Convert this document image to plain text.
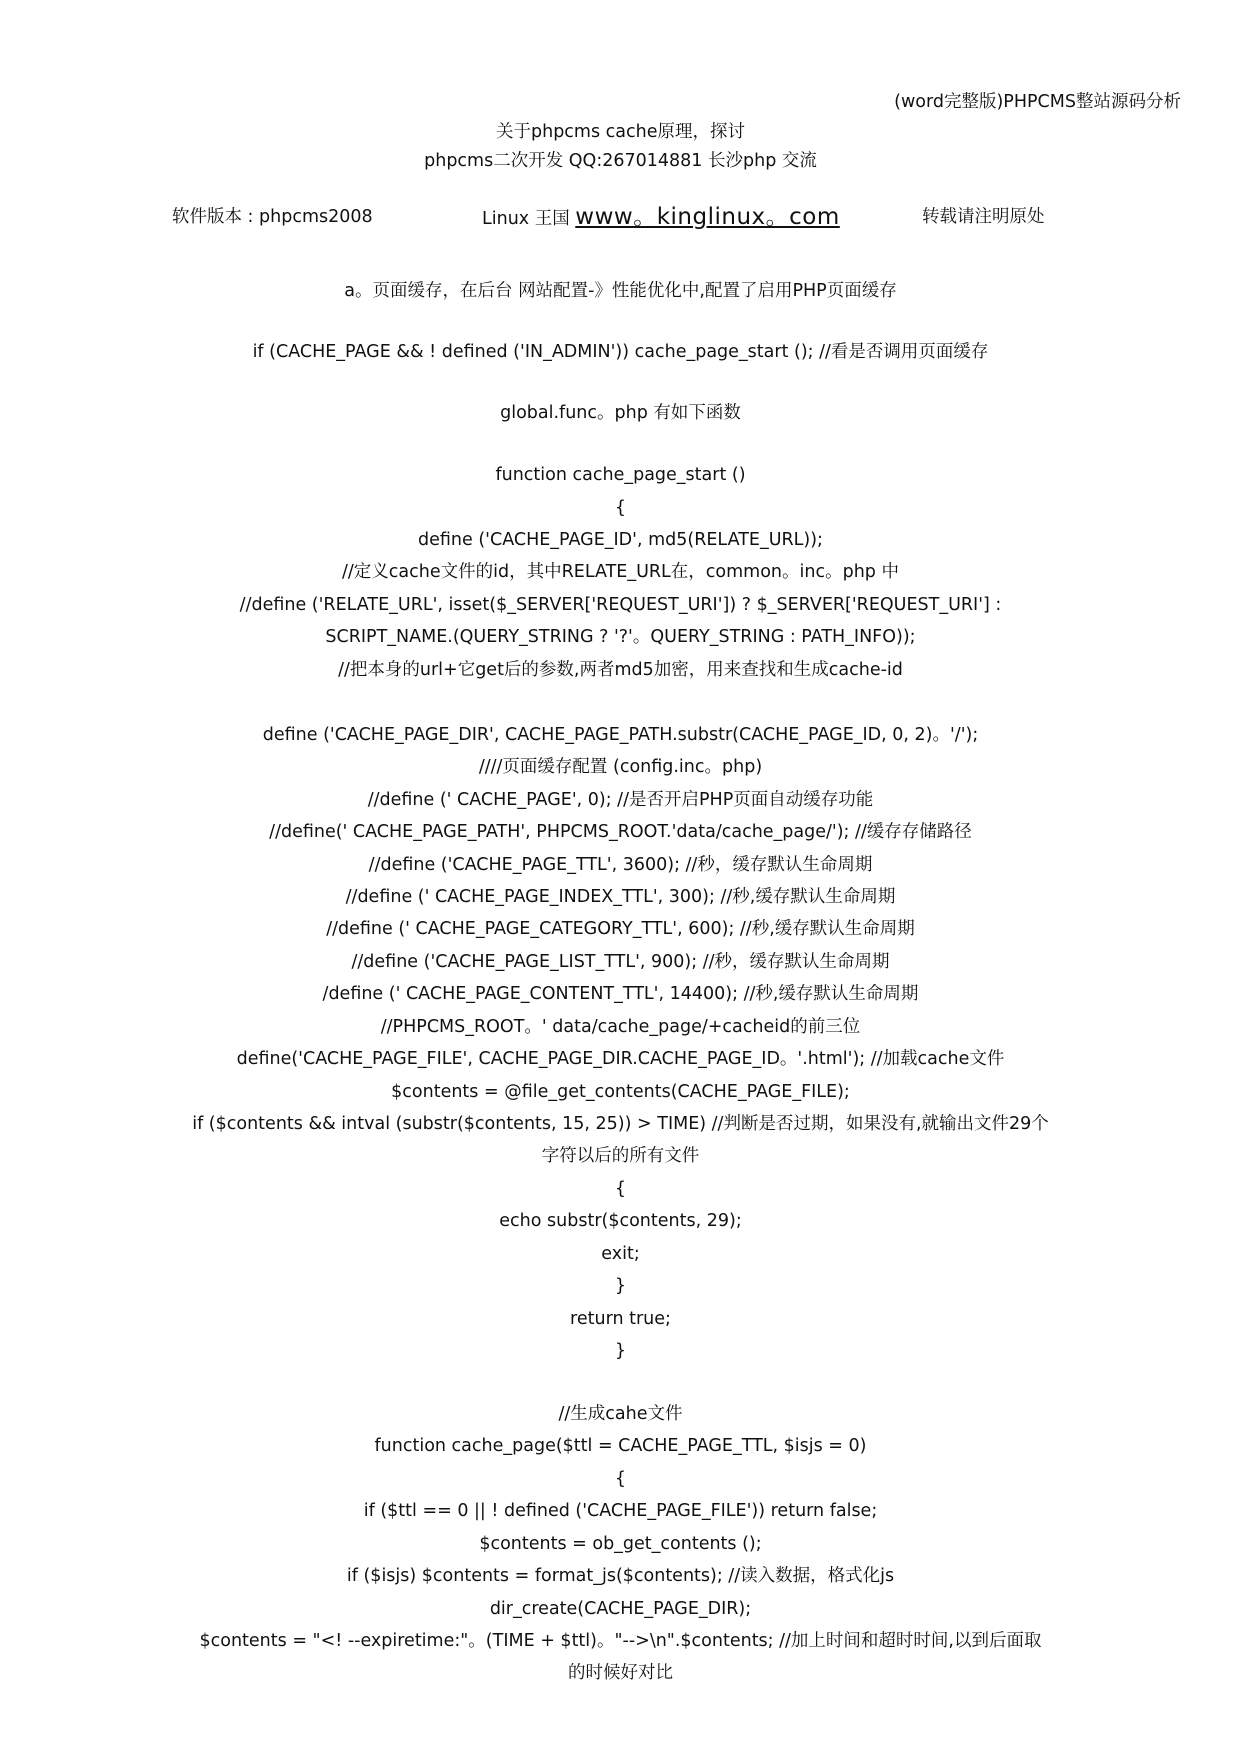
(word完整版)PHPCMS整站源码分析
关于phpcms cache原理，探讨
phpcms二次开发 QQ:267014881 长沙php 交流
软件版本 : phpcms2008	Linux 王国 www。kinglinux。com	转载请注明原处
a。页面缓存，在后台 网站配置-》性能优化中,配置了启用PHP页面缓存
if (CACHE_PAGE && ! defined ('IN_ADMIN')) cache_page_start (); //看是否调用页面缓存
global.func。php 有如下函数
function cache_page_start ()
{
define ('CACHE_PAGE_ID', md5(RELATE_URL));
//定义cache文件的id，其中RELATE_URL在，common。inc。php 中
//define ('RELATE_URL', isset($_SERVER['REQUEST_URI']) ? $_SERVER['REQUEST_URI'] :
SCRIPT_NAME.(QUERY_STRING ? '?'。QUERY_STRING : PATH_INFO));
//把本身的url+它get后的参数,两者md5加密，用来查找和生成cache-id
define ('CACHE_PAGE_DIR', CACHE_PAGE_PATH.substr(CACHE_PAGE_ID, 0, 2)。'/');
////页面缓存配置 (config.inc。php)
//define (' CACHE_PAGE', 0); //是否开启PHP页面自动缓存功能
//define(' CACHE_PAGE_PATH', PHPCMS_ROOT.'data/cache_page/'); //缓存存储路径
//define ('CACHE_PAGE_TTL', 3600); //秒，缓存默认生命周期
//define (' CACHE_PAGE_INDEX_TTL', 300); //秒,缓存默认生命周期
//define (' CACHE_PAGE_CATEGORY_TTL', 600); //秒,缓存默认生命周期
//define ('CACHE_PAGE_LIST_TTL', 900); //秒，缓存默认生命周期
/define (' CACHE_PAGE_CONTENT_TTL', 14400); //秒,缓存默认生命周期
//PHPCMS_ROOT。' data/cache_page/+cacheid的前三位
define('CACHE_PAGE_FILE', CACHE_PAGE_DIR.CACHE_PAGE_ID。'.html'); //加载cache文件
$contents = @file_get_contents(CACHE_PAGE_FILE);
if ($contents && intval (substr($contents, 15, 25)) > TIME) //判断是否过期，如果没有,就输出文件29个
字符以后的所有文件
{
echo substr($contents, 29);
exit;
}
return true;
}
//生成cahe文件
function cache_page($ttl = CACHE_PAGE_TTL, $isjs = 0)
{
if ($ttl == 0 || ! defined ('CACHE_PAGE_FILE')) return false;
$contents = ob_get_contents ();
if ($isjs) $contents = format_js($contents); //读入数据，格式化js
dir_create(CACHE_PAGE_DIR);
$contents = "<! --expiretime:"。(TIME + $ttl)。"-->\n".$contents; //加上时间和超时时间,以到后面取
的时候好对比
